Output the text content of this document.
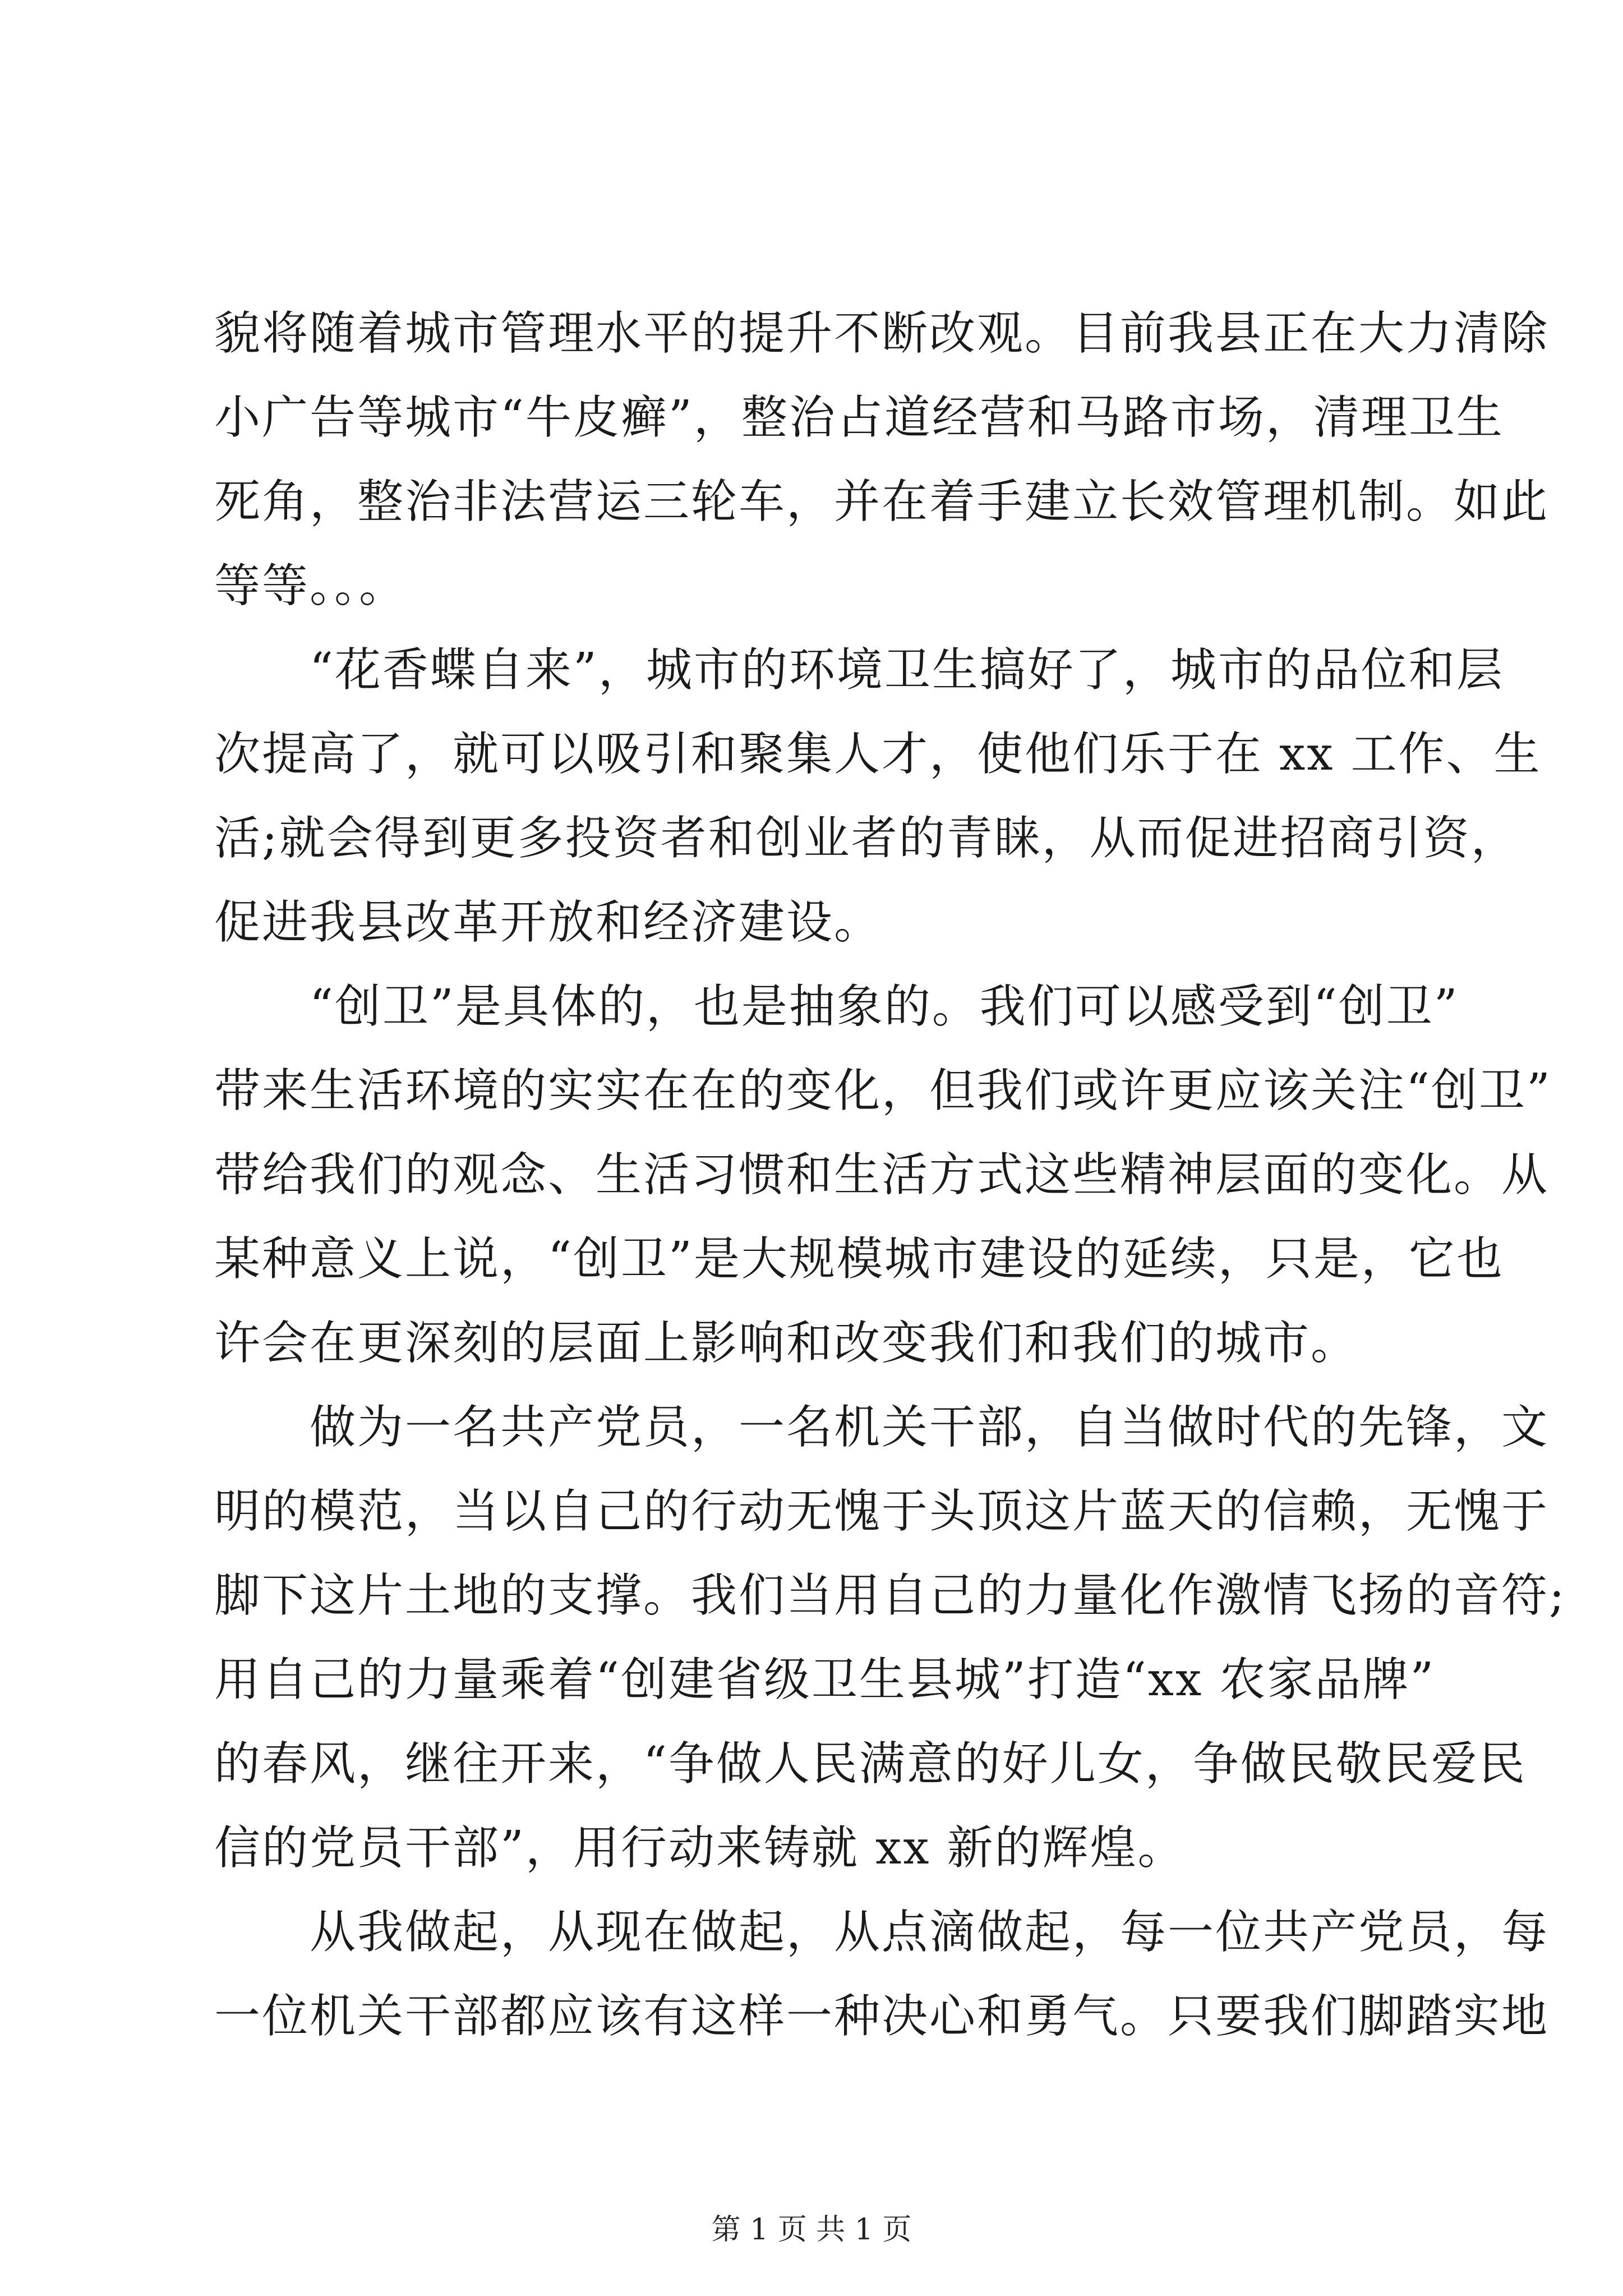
貌将随着城市管理水平的提升不断改观。目前我县正在大力清除
小广告等城市“牛皮癣”，整治占道经营和马路市场，清理卫生
死角，整治非法营运三轮车，并在着手建立长效管理机制。如此
等等。。。
“花香蝶自来”，城市的环境卫生搞好了，城市的品位和层
次提高了，就可以吸引和聚集人才，使他们乐于在 xx 工作、生
活;就会得到更多投资者和创业者的青睐，从而促进招商引资，
促进我县改革开放和经济建设。
“创卫”是具体的，也是抽象的。我们可以感受到“创卫”
带来生活环境的实实在在的变化，但我们或许更应该关注“创卫”
带给我们的观念、生活习惯和生活方式这些精神层面的变化。从
某种意义上说，“创卫”是大规模城市建设的延续，只是，它也
许会在更深刻的层面上影响和改变我们和我们的城市。
做为一名共产党员，一名机关干部，自当做时代的先锋，文
明的模范，当以自己的行动无愧于头顶这片蓝天的信赖，无愧于
脚下这片土地的支撑。我们当用自己的力量化作激情飞扬的音符;
用自己的力量乘着“创建省级卫生县城”打造“xx 农家品牌”
的春风，继往开来，“争做人民满意的好儿女，争做民敬民爱民
信的党员干部”，用行动来铸就 xx 新的辉煌。
从我做起，从现在做起，从点滴做起，每一位共产党员，每
一位机关干部都应该有这样一种决心和勇气。只要我们脚踏实地
第 1 页 共 1 页
